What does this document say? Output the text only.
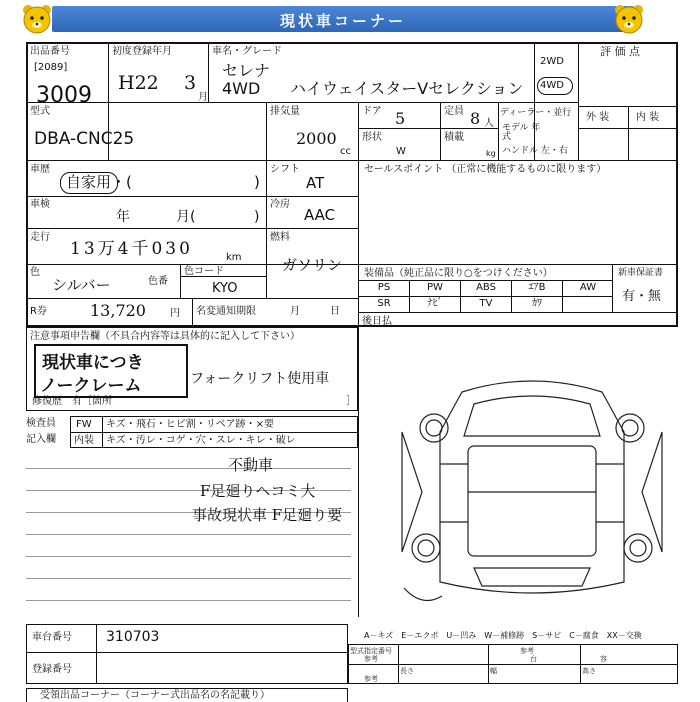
現状車コーナー
出品番号
[2089]
3009
初度登録年月
H22 3
月
車名・グレード
セレナ
4WD ハイウェイスターVセレクション
2WD
4WD
評 価 点
外 装	内 装
型式
DBA-CNC25
排気量
2000
cc
ドア 5
形状
W
定員 8 人
積載
kg
ディーラー・並行
モデル 年式
ハンドル 左・右
車歴
自家用・(	)
シフト
AT
車検
年	月(	)
冷房
AAC
走行
13万4千030	km
燃料
ガソリン
色
シルバー	色番
色コード
KYO
R券	13,720 円 名変通知期限	月	日
セールスポイント （正常に機能するものに限ります）
装備品（純正品に限り○をつけください）	新車保証書
有・無
PS	PW	ABS	ｴｱB	AW
SR	ﾅﾋﾞ	TV	ｶﾜ
後日払
注意事項申告欄（不具合内容等は具体的に記入して下さい）
現状車につき
ノークレーム	フォークリフト使用車
修復歴　有［箇所	］
検査員
記入欄
FW キズ・飛石・ヒビ割・リペア跡・×要
内装 キズ・汚レ・コゲ・穴・スレ・キレ・破レ
不動車
F足廻りヘコミ大
事故現状車 F足廻り要
A－キズ　E－エクボ　U－凹み　W－補修跡　S－サビ　C－腐食　XX－交換
車台番号 310703
登録番号
型式指定番号
参考
長さ	幅	高さ
参考
台
参考
容
受領出品コーナー（コーナー式出品名の名記載り）
